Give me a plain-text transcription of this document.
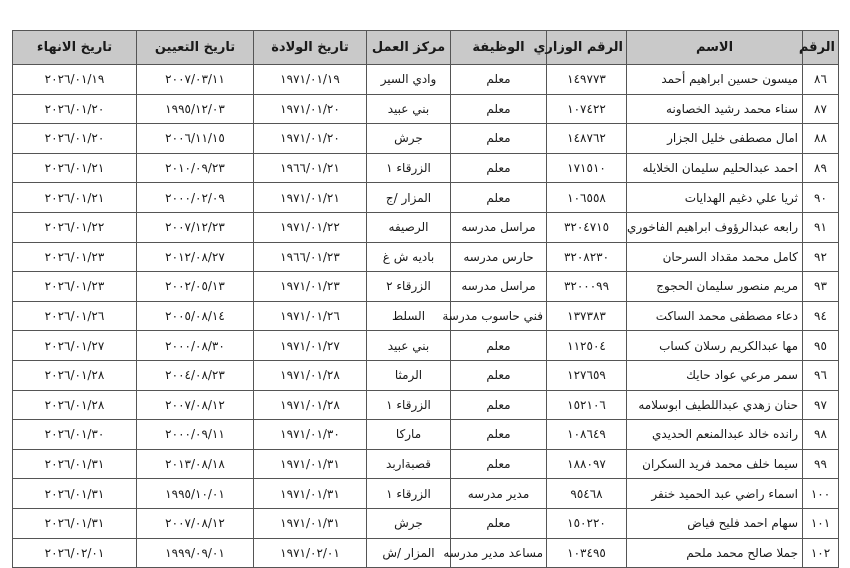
الرقم	الاسم	الرقم الوزاري	الوظيفة	مركز العمل	تاريخ الولادة	تاريخ التعيين	تاريخ الانهاء
٨٦	ميسون حسين ابراهيم أحمد	١٤٩٧٧٣	معلم	وادي السير	١٩٧١/٠١/١٩	٢٠٠٧/٠٣/١١	٢٠٢٦/٠١/١٩
٨٧	سناء محمد رشيد الخصاونه	١٠٧٤٢٢	معلم	بني عبيد	١٩٧١/٠١/٢٠	١٩٩٥/١٢/٠٣	٢٠٢٦/٠١/٢٠
٨٨	امال مصطفى خليل الجزار	١٤٨٧٦٢	معلم	جرش	١٩٧١/٠١/٢٠	٢٠٠٦/١١/١٥	٢٠٢٦/٠١/٢٠
٨٩	احمد عبدالحليم سليمان الخلايله	١٧١٥١٠	معلم	الزرقاء ١	١٩٦٦/٠١/٢١	٢٠١٠/٠٩/٢٣	٢٠٢٦/٠١/٢١
٩٠	ثريا علي دغيم الهدايات	١٠٦٥٥٨	معلم	المزار /ج	١٩٧١/٠١/٢١	٢٠٠٠/٠٢/٠٩	٢٠٢٦/٠١/٢١
٩١	رابعه عبدالرؤوف ابراهيم الفاخوري	٣٢٠٤٧١٥	مراسل مدرسه	الرصيفه	١٩٧١/٠١/٢٢	٢٠٠٧/١٢/٢٣	٢٠٢٦/٠١/٢٢
٩٢	كامل محمد مقداد السرحان	٣٢٠٨٢٣٠	حارس مدرسه	باديه ش غ	١٩٦٦/٠١/٢٣	٢٠١٢/٠٨/٢٧	٢٠٢٦/٠١/٢٣
٩٣	مريم منصور سليمان الحجوج	٣٢٠٠٠٩٩	مراسل مدرسه	الزرقاء ٢	١٩٧١/٠١/٢٣	٢٠٠٢/٠٥/١٣	٢٠٢٦/٠١/٢٣
٩٤	دعاء مصطفى محمد الساكت	١٣٧٣٨٣	فني حاسوب مدرسة	السلط	١٩٧١/٠١/٢٦	٢٠٠٥/٠٨/١٤	٢٠٢٦/٠١/٢٦
٩٥	مها عبدالكريم رسلان كساب	١١٢٥٠٤	معلم	بني عبيد	١٩٧١/٠١/٢٧	٢٠٠٠/٠٨/٣٠	٢٠٢٦/٠١/٢٧
٩٦	سمر مرعي عواد حايك	١٢٧٦٥٩	معلم	الرمثا	١٩٧١/٠١/٢٨	٢٠٠٤/٠٨/٢٣	٢٠٢٦/٠١/٢٨
٩٧	حنان زهدي عبداللطيف ابوسلامه	١٥٢١٠٦	معلم	الزرقاء ١	١٩٧١/٠١/٢٨	٢٠٠٧/٠٨/١٢	٢٠٢٦/٠١/٢٨
٩٨	رانده خالد عبدالمنعم الحديدي	١٠٨٦٤٩	معلم	ماركا	١٩٧١/٠١/٣٠	٢٠٠٠/٠٩/١١	٢٠٢٦/٠١/٣٠
٩٩	سيما خلف محمد فريد السكران	١٨٨٠٩٧	معلم	قصبةاربد	١٩٧١/٠١/٣١	٢٠١٣/٠٨/١٨	٢٠٢٦/٠١/٣١
١٠٠	اسماء راضي عبد الحميد خنفر	٩٥٤٦٨	مدير مدرسه	الزرقاء ١	١٩٧١/٠١/٣١	١٩٩٥/١٠/٠١	٢٠٢٦/٠١/٣١
١٠١	سهام احمد فليح فياض	١٥٠٢٢٠	معلم	جرش	١٩٧١/٠١/٣١	٢٠٠٧/٠٨/١٢	٢٠٢٦/٠١/٣١
١٠٢	جملا صالح محمد ملحم	١٠٣٤٩٥	مساعد مدير مدرسه	المزار /ش	١٩٧١/٠٢/٠١	١٩٩٩/٠٩/٠١	٢٠٢٦/٠٢/٠١
